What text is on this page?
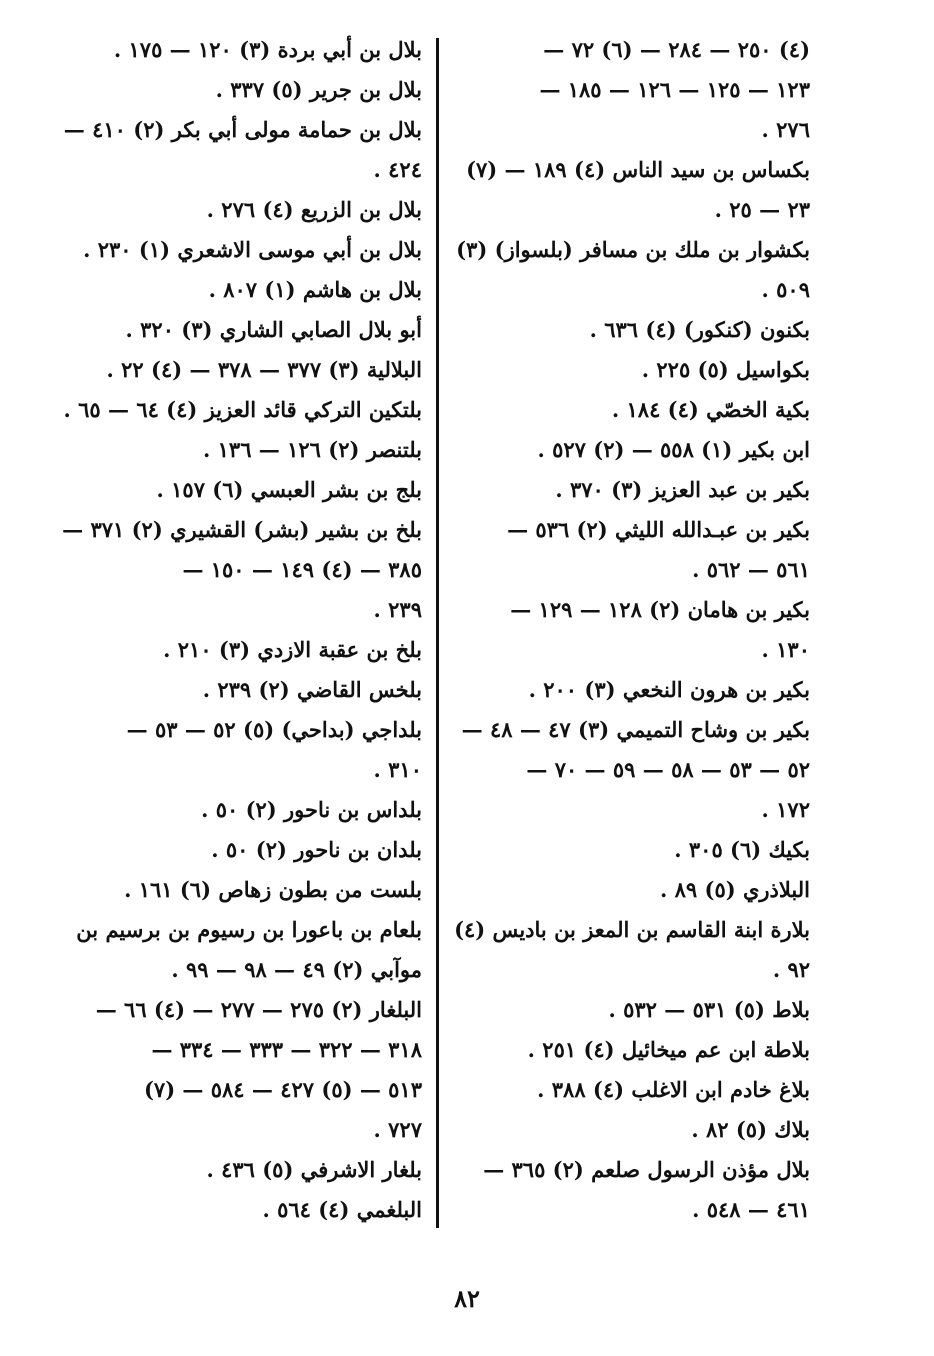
(٤) ٢٥٠ — ٢٨٤ — (٦) ٧٢ —
١٢٣ — ١٢٥ — ١٢٦ — ١٨٥ —
٢٧٦ .
بكساس بن سيد الناس (٤) ١٨٩ — (٧)
٢٣ — ٢٥ .
بكشوار بن ملك بن مسافر (بلسواز) (٣)
٥٠٩ .
بكنون (كنكور) (٤) ٦٣٦ .
بكواسيل (٥) ٢٢٥ .
بكية الخصّي (٤) ١٨٤ .
ابن بكير (١) ٥٥٨ — (٢) ٥٢٧ .
بكير بن عبد العزيز (٣) ٣٧٠ .
بكير بن عبـدالله الليثي (٢) ٥٣٦ —
٥٦١ — ٥٦٢ .
بكير بن هامان (٢) ١٢٨ — ١٢٩ —
١٣٠ .
بكير بن هرون النخعي (٣) ٢٠٠ .
بكير بن وشاح التميمي (٣) ٤٧ — ٤٨ —
٥٢ — ٥٣ — ٥٨ — ٥٩ — ٧٠ —
١٧٢ .
بكيك (٦) ٣٠٥ .
البلاذري (٥) ٨٩ .
بلارة ابنة القاسم بن المعز بن باديس (٤)
٩٢ .
بلاط (٥) ٥٣١ — ٥٣٢ .
بلاطة ابن عم ميخائيل (٤) ٢٥١ .
بلاغ خادم ابن الاغلب (٤) ٣٨٨ .
بلاك (٥) ٨٢ .
بلال مؤذن الرسول صلعم (٢) ٣٦٥ —
٤٦١ — ٥٤٨ .
بلال بن أبي بردة (٣) ١٢٠ — ١٧٥ .
بلال بن جرير (٥) ٣٣٧ .
بلال بن حمامة مولى أبي بكر (٢) ٤١٠ —
٤٢٤ .
بلال بن الزريع (٤) ٢٧٦ .
بلال بن أبي موسى الاشعري (١) ٢٣٠ .
بلال بن هاشم (١) ٨٠٧ .
أبو بلال الصابي الشاري (٣) ٣٢٠ .
البلالية (٣) ٣٧٧ — ٣٧٨ — (٤) ٢٢ .
بلتكين التركي قائد العزيز (٤) ٦٤ — ٦٥ .
بلتنصر (٢) ١٢٦ — ١٣٦ .
بلج بن بشر العبسي (٦) ١٥٧ .
بلخ بن بشير (بشر) القشيري (٢) ٣٧١ —
٣٨٥ — (٤) ١٤٩ — ١٥٠ —
٢٣٩ .
بلخ بن عقبة الازدي (٣) ٢١٠ .
بلخس القاضي (٢) ٢٣٩ .
بلداجي (بداحي) (٥) ٥٢ — ٥٣ —
٣١٠ .
بلداس بن ناحور (٢) ٥٠ .
بلدان بن ناحور (٢) ٥٠ .
بلست من بطون زهاص (٦) ١٦١ .
بلعام بن باعورا بن رسيوم بن برسيم بن
موآبي (٢) ٤٩ — ٩٨ — ٩٩ .
البلغار (٢) ٢٧٥ — ٢٧٧ — (٤) ٦٦ —
٣١٨ — ٣٢٢ — ٣٣٣ — ٣٣٤ —
٥١٣ — (٥) ٤٢٧ — ٥٨٤ — (٧)
٧٢٧ .
بلغار الاشرفي (٥) ٤٣٦ .
البلغمي (٤) ٥٦٤ .
٨٢
